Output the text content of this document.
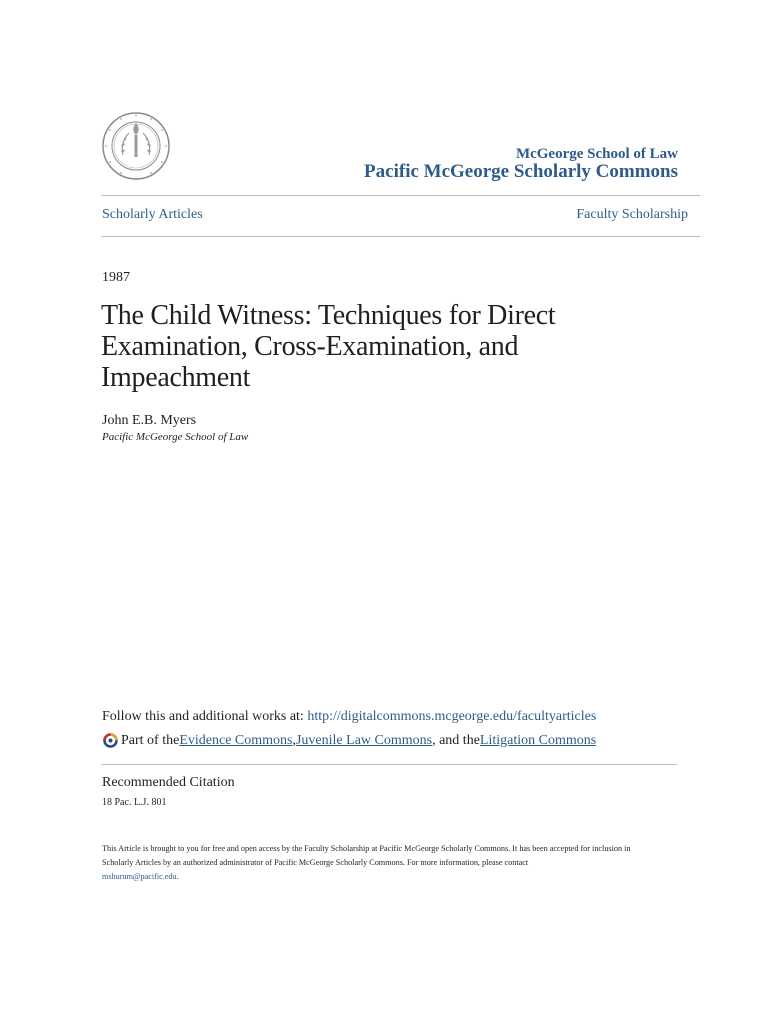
McGeorge School of Law
Pacific McGeorge Scholarly Commons
Scholarly Articles	Faculty Scholarship
1987
The Child Witness: Techniques for Direct Examination, Cross-Examination, and Impeachment
John E.B. Myers
Pacific McGeorge School of Law
Follow this and additional works at: http://digitalcommons.mcgeorge.edu/facultyarticles
Part of the Evidence Commons , Juvenile Law Commons , and the Litigation Commons
Recommended Citation
18 Pac. L.J. 801
This Article is brought to you for free and open access by the Faculty Scholarship at Pacific McGeorge Scholarly Commons. It has been accepted for inclusion in Scholarly Articles by an authorized administrator of Pacific McGeorge Scholarly Commons. For more information, please contact
mshurum@pacific.edu.
